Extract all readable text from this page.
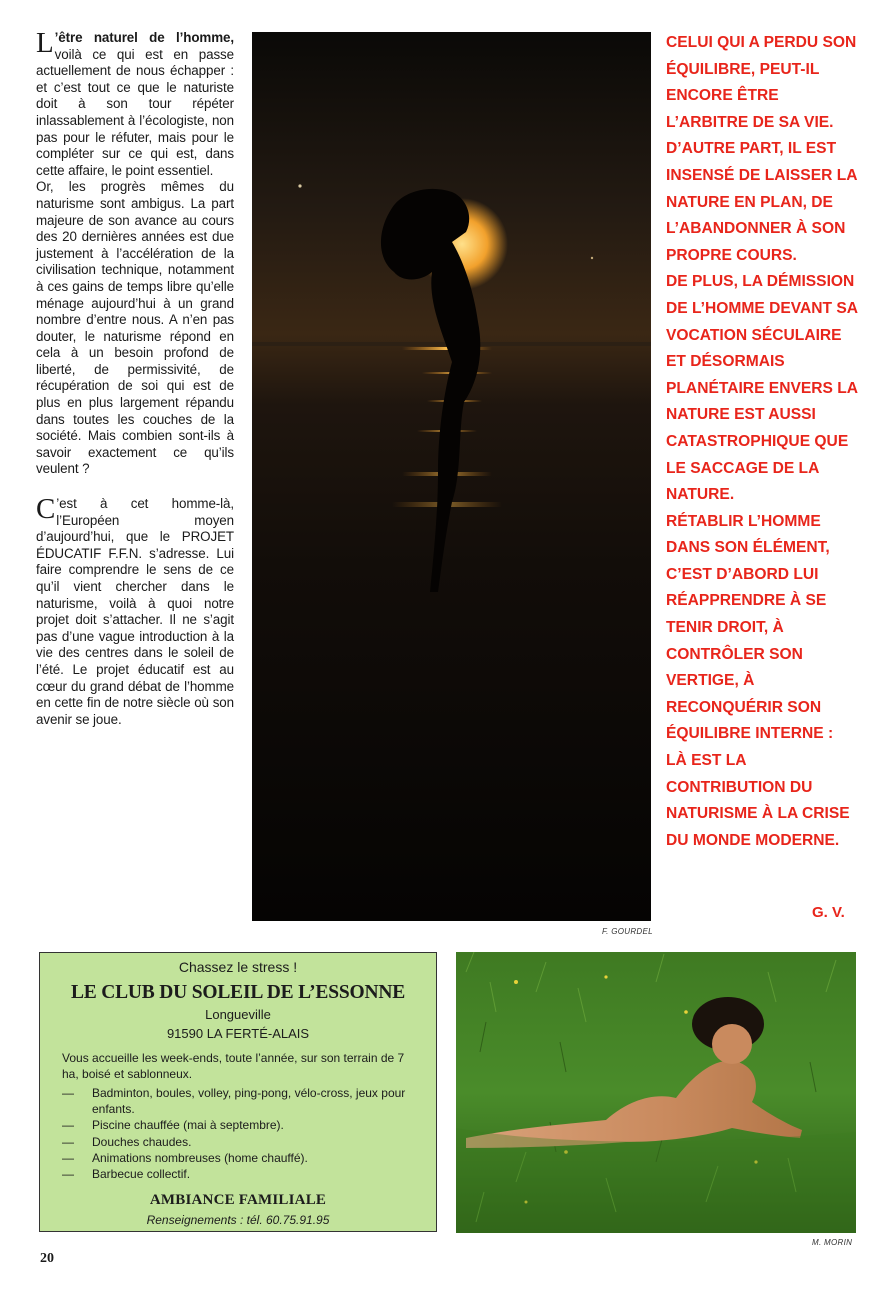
L ’être naturel de l’homme, voilà ce qui est en passe actuellement de nous échapper : et c’est tout ce que le naturiste doit à son tour répéter inlassablement à l’écologiste, non pas pour le réfuter, mais pour le compléter sur ce qui est, dans cette affaire, le point essentiel.

Or, les progrès mêmes du naturisme sont ambigus. La part majeure de son avance au cours des 20 dernières années est due justement à l’accélération de la civilisation technique, notamment à ces gains de temps libre qu’elle ménage aujourd’hui à un grand nombre d’entre nous. A n’en pas douter, le naturisme répond en cela à un besoin profond de liberté, de permissivité, de récupération de soi qui est de plus en plus largement répandu dans toutes les couches de la société. Mais combien sont-ils à savoir exactement ce qu’ils veulent ?

C ’est à cet homme-là, l’Européen moyen d’aujourd’hui, que le PROJET ÉDUCATIF F.F.N. s’adresse. Lui faire comprendre le sens de ce qu’il vient chercher dans le naturisme, voilà à quoi notre projet doit s’attacher. Il ne s’agit pas d’une vague introduction à la vie des centres dans le soleil de l’été. Le projet éducatif est au cœur du grand débat de l’homme en cette fin de notre siècle où son avenir se joue.

F. GOURDEL

CELUI QUI A PERDU SON ÉQUILIBRE, PEUT-IL ENCORE ÊTRE L’ARBITRE DE SA VIE.

D’AUTRE PART, IL EST INSENSÉ DE LAISSER LA NATURE EN PLAN, DE L’ABANDONNER À SON PROPRE COURS.

DE PLUS, LA DÉMISSION DE L’HOMME DEVANT SA VOCATION SÉCULAIRE ET DÉSORMAIS PLANÉTAIRE ENVERS LA NATURE EST AUSSI CATASTROPHIQUE QUE LE SACCAGE DE LA NATURE.

RÉTABLIR L’HOMME DANS SON ÉLÉMENT, C’EST D’ABORD LUI RÉAPPRENDRE À SE TENIR DROIT, À CONTRÔLER SON VERTIGE, À RECONQUÉRIR SON ÉQUILIBRE INTERNE : LÀ EST LA CONTRIBUTION DU NATURISME À LA CRISE DU MONDE MODERNE.

G. V.
Chassez le stress !
LE CLUB DU SOLEIL DE L’ESSONNE
Longueville
91590 LA FERTÉ-ALAIS
Vous accueille les week-ends, toute l’année, sur son terrain de 7 ha, boisé et sablonneux.
— Badminton, boules, volley, ping-pong, vélo-cross, jeux pour enfants.
— Piscine chauffée (mai à septembre).
— Douches chaudes.
— Animations nombreuses (home chauffé).
— Barbecue collectif.
AMBIANCE FAMILIALE
Renseignements : tél. 60.75.91.95
M. MORIN
20
